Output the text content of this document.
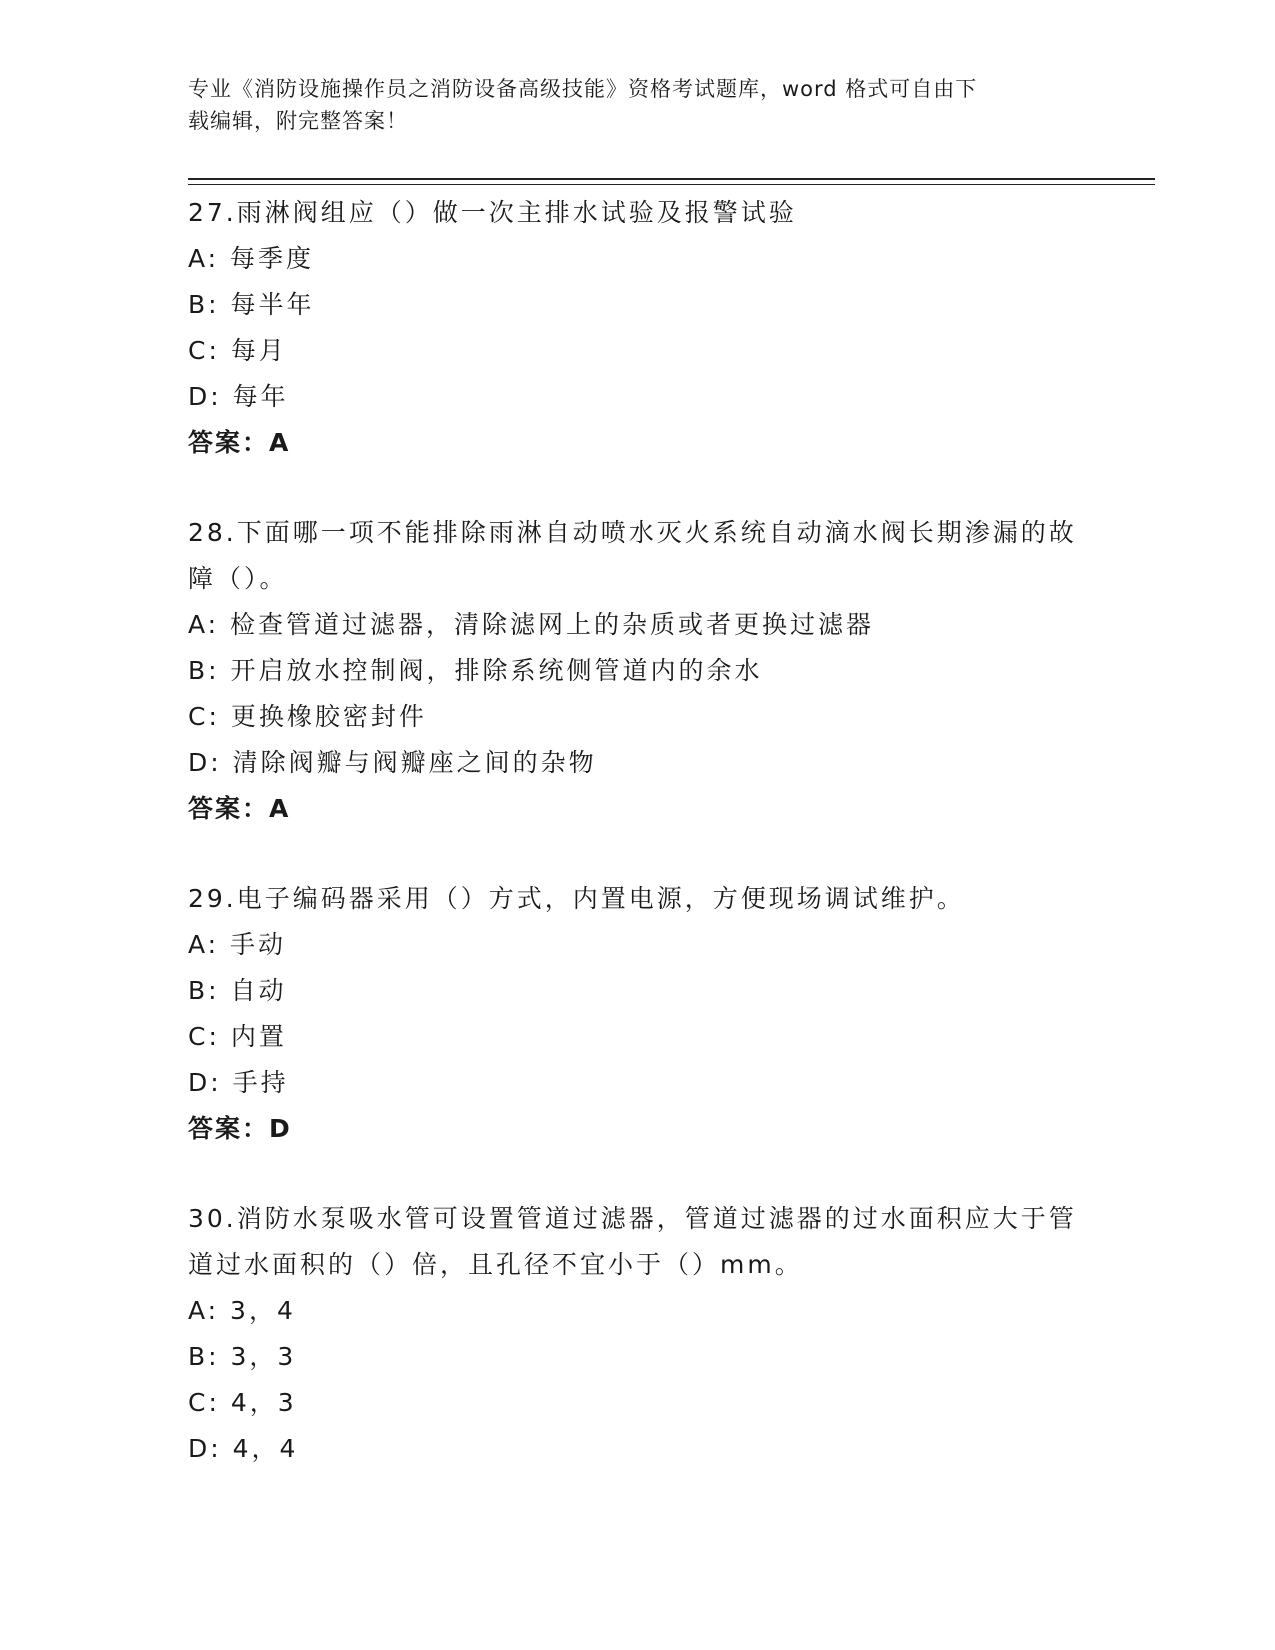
专业《消防设施操作员之消防设备高级技能》资格考试题库，word 格式可自由下
载编辑，附完整答案！
27.雨淋阀组应（）做一次主排水试验及报警试验
A: 每季度
B: 每半年
C: 每月
D: 每年
答案：A
28.下面哪一项不能排除雨淋自动喷水灭火系统自动滴水阀长期渗漏的故障（）。
A: 检查管道过滤器，清除滤网上的杂质或者更换过滤器
B: 开启放水控制阀，排除系统侧管道内的余水
C: 更换橡胶密封件
D: 清除阀瓣与阀瓣座之间的杂物
答案：A
29.电子编码器采用（）方式，内置电源，方便现场调试维护。
A: 手动
B: 自动
C: 内置
D: 手持
答案：D
30.消防水泵吸水管可设置管道过滤器，管道过滤器的过水面积应大于管道过水面积的（）倍，且孔径不宜小于（）mm。
A: 3，4
B: 3，3
C: 4，3
D: 4，4
